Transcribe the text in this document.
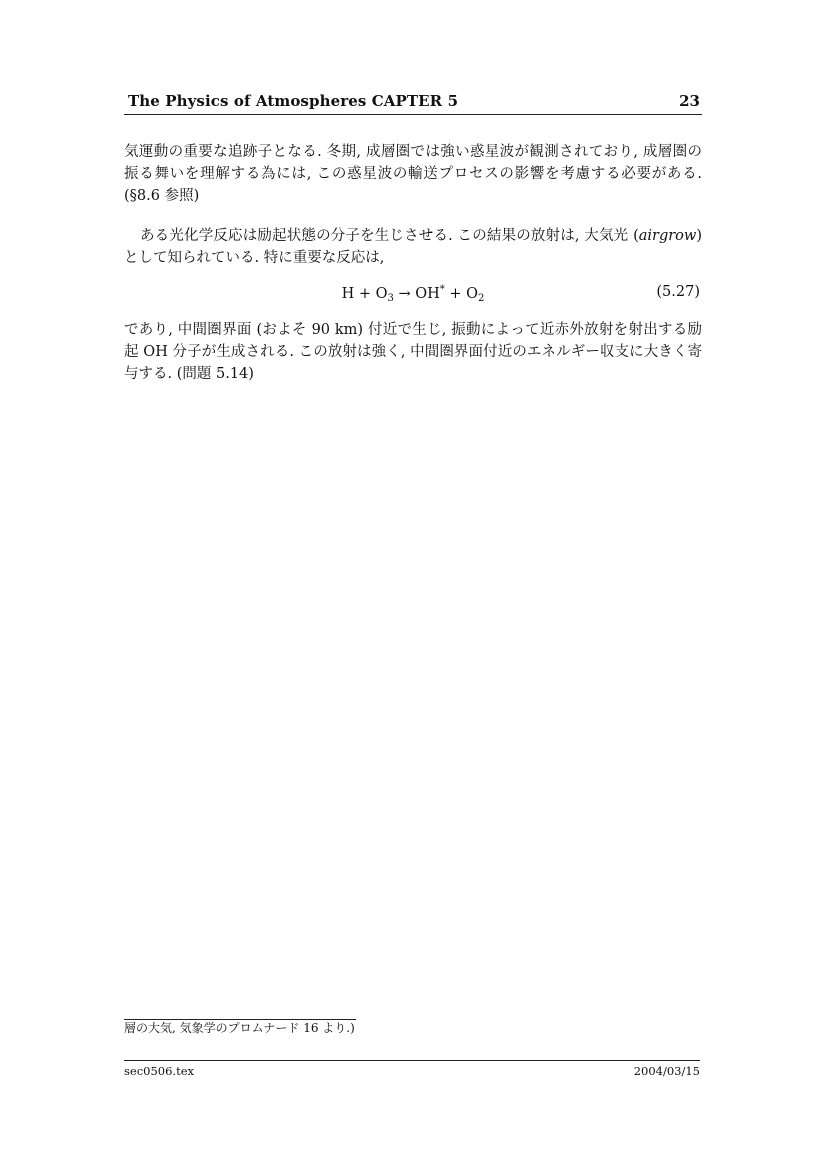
The Physics of Atmospheres CAPTER 5	23
気運動の重要な追跡子となる. 冬期, 成層圏では強い惑星波が観測されており, 成層圏の振る舞いを理解する為には, この惑星波の輸送プロセスの影響を考慮する必要がある. (§8.6 参照)
ある光化学反応は励起状態の分子を生じさせる. この結果の放射は, 大気光 (airgrow) として知られている. 特に重要な反応は,
$H + O_3 \to OH^* + O_2$	(5.27)
であり, 中間圏界面 (およそ 90 km) 付近で生じ, 振動によって近赤外放射を射出する励起 OH 分子が生成される. この放射は強く, 中間圏界面付近のエネルギー収支に大きく寄与する. (問題 5.14)
層の大気, 気象学のプロムナード 16 より.)
sec0506.tex	2004/03/15
